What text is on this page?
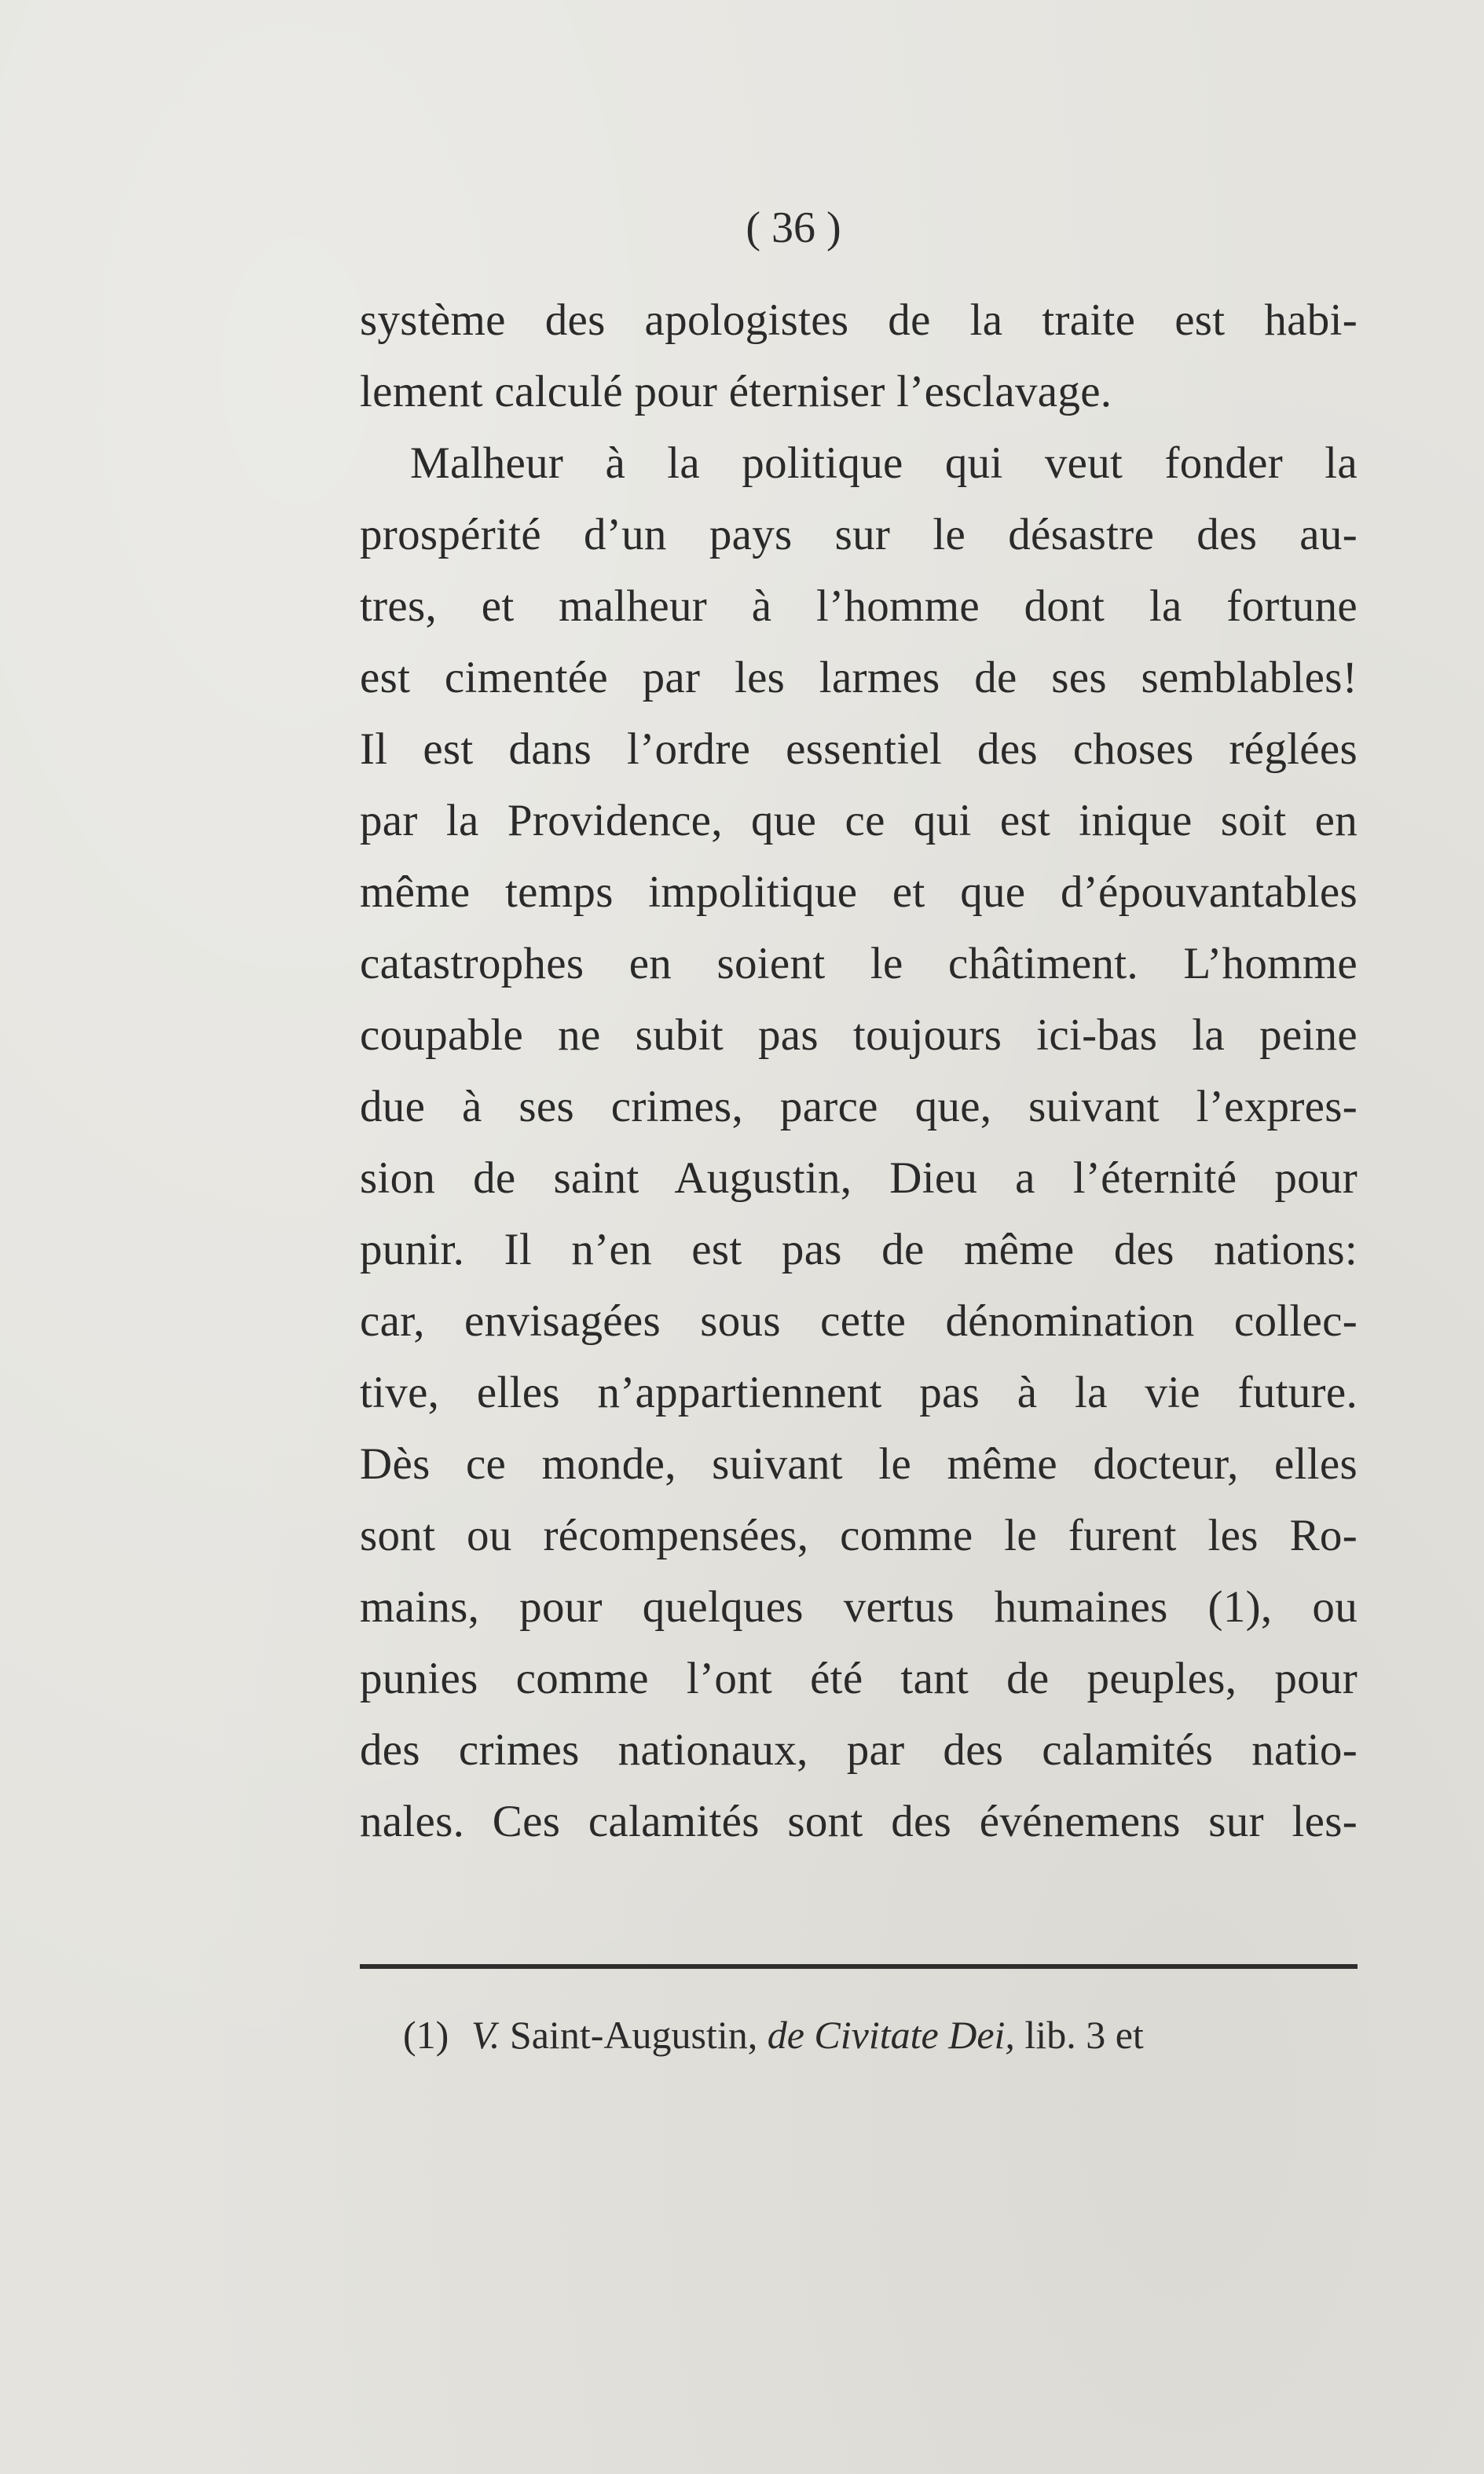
( 36 )
système des apologistes de la traite est habi-
lement calculé pour éterniser l’esclavage.
Malheur à la politique qui veut fonder la
prospérité d’un pays sur le désastre des au-
tres, et malheur à l’homme dont la fortune
est cimentée par les larmes de ses semblables!
Il est dans l’ordre essentiel des choses réglées
par la Providence, que ce qui est inique soit en
même temps impolitique et que d’épouvantables
catastrophes en soient le châtiment. L’homme
coupable ne subit pas toujours ici-bas la peine
due à ses crimes, parce que, suivant l’expres-
sion de saint Augustin, Dieu a l’éternité pour
punir. Il n’en est pas de même des nations:
car, envisagées sous cette dénomination collec-
tive, elles n’appartiennent pas à la vie future.
Dès ce monde, suivant le même docteur, elles
sont ou récompensées, comme le furent les Ro-
mains, pour quelques vertus humaines (1), ou
punies comme l’ont été tant de peuples, pour
des crimes nationaux, par des calamités natio-
nales. Ces calamités sont des événemens sur les-
(1) V. Saint-Augustin, de Civitate Dei, lib. 3 et
